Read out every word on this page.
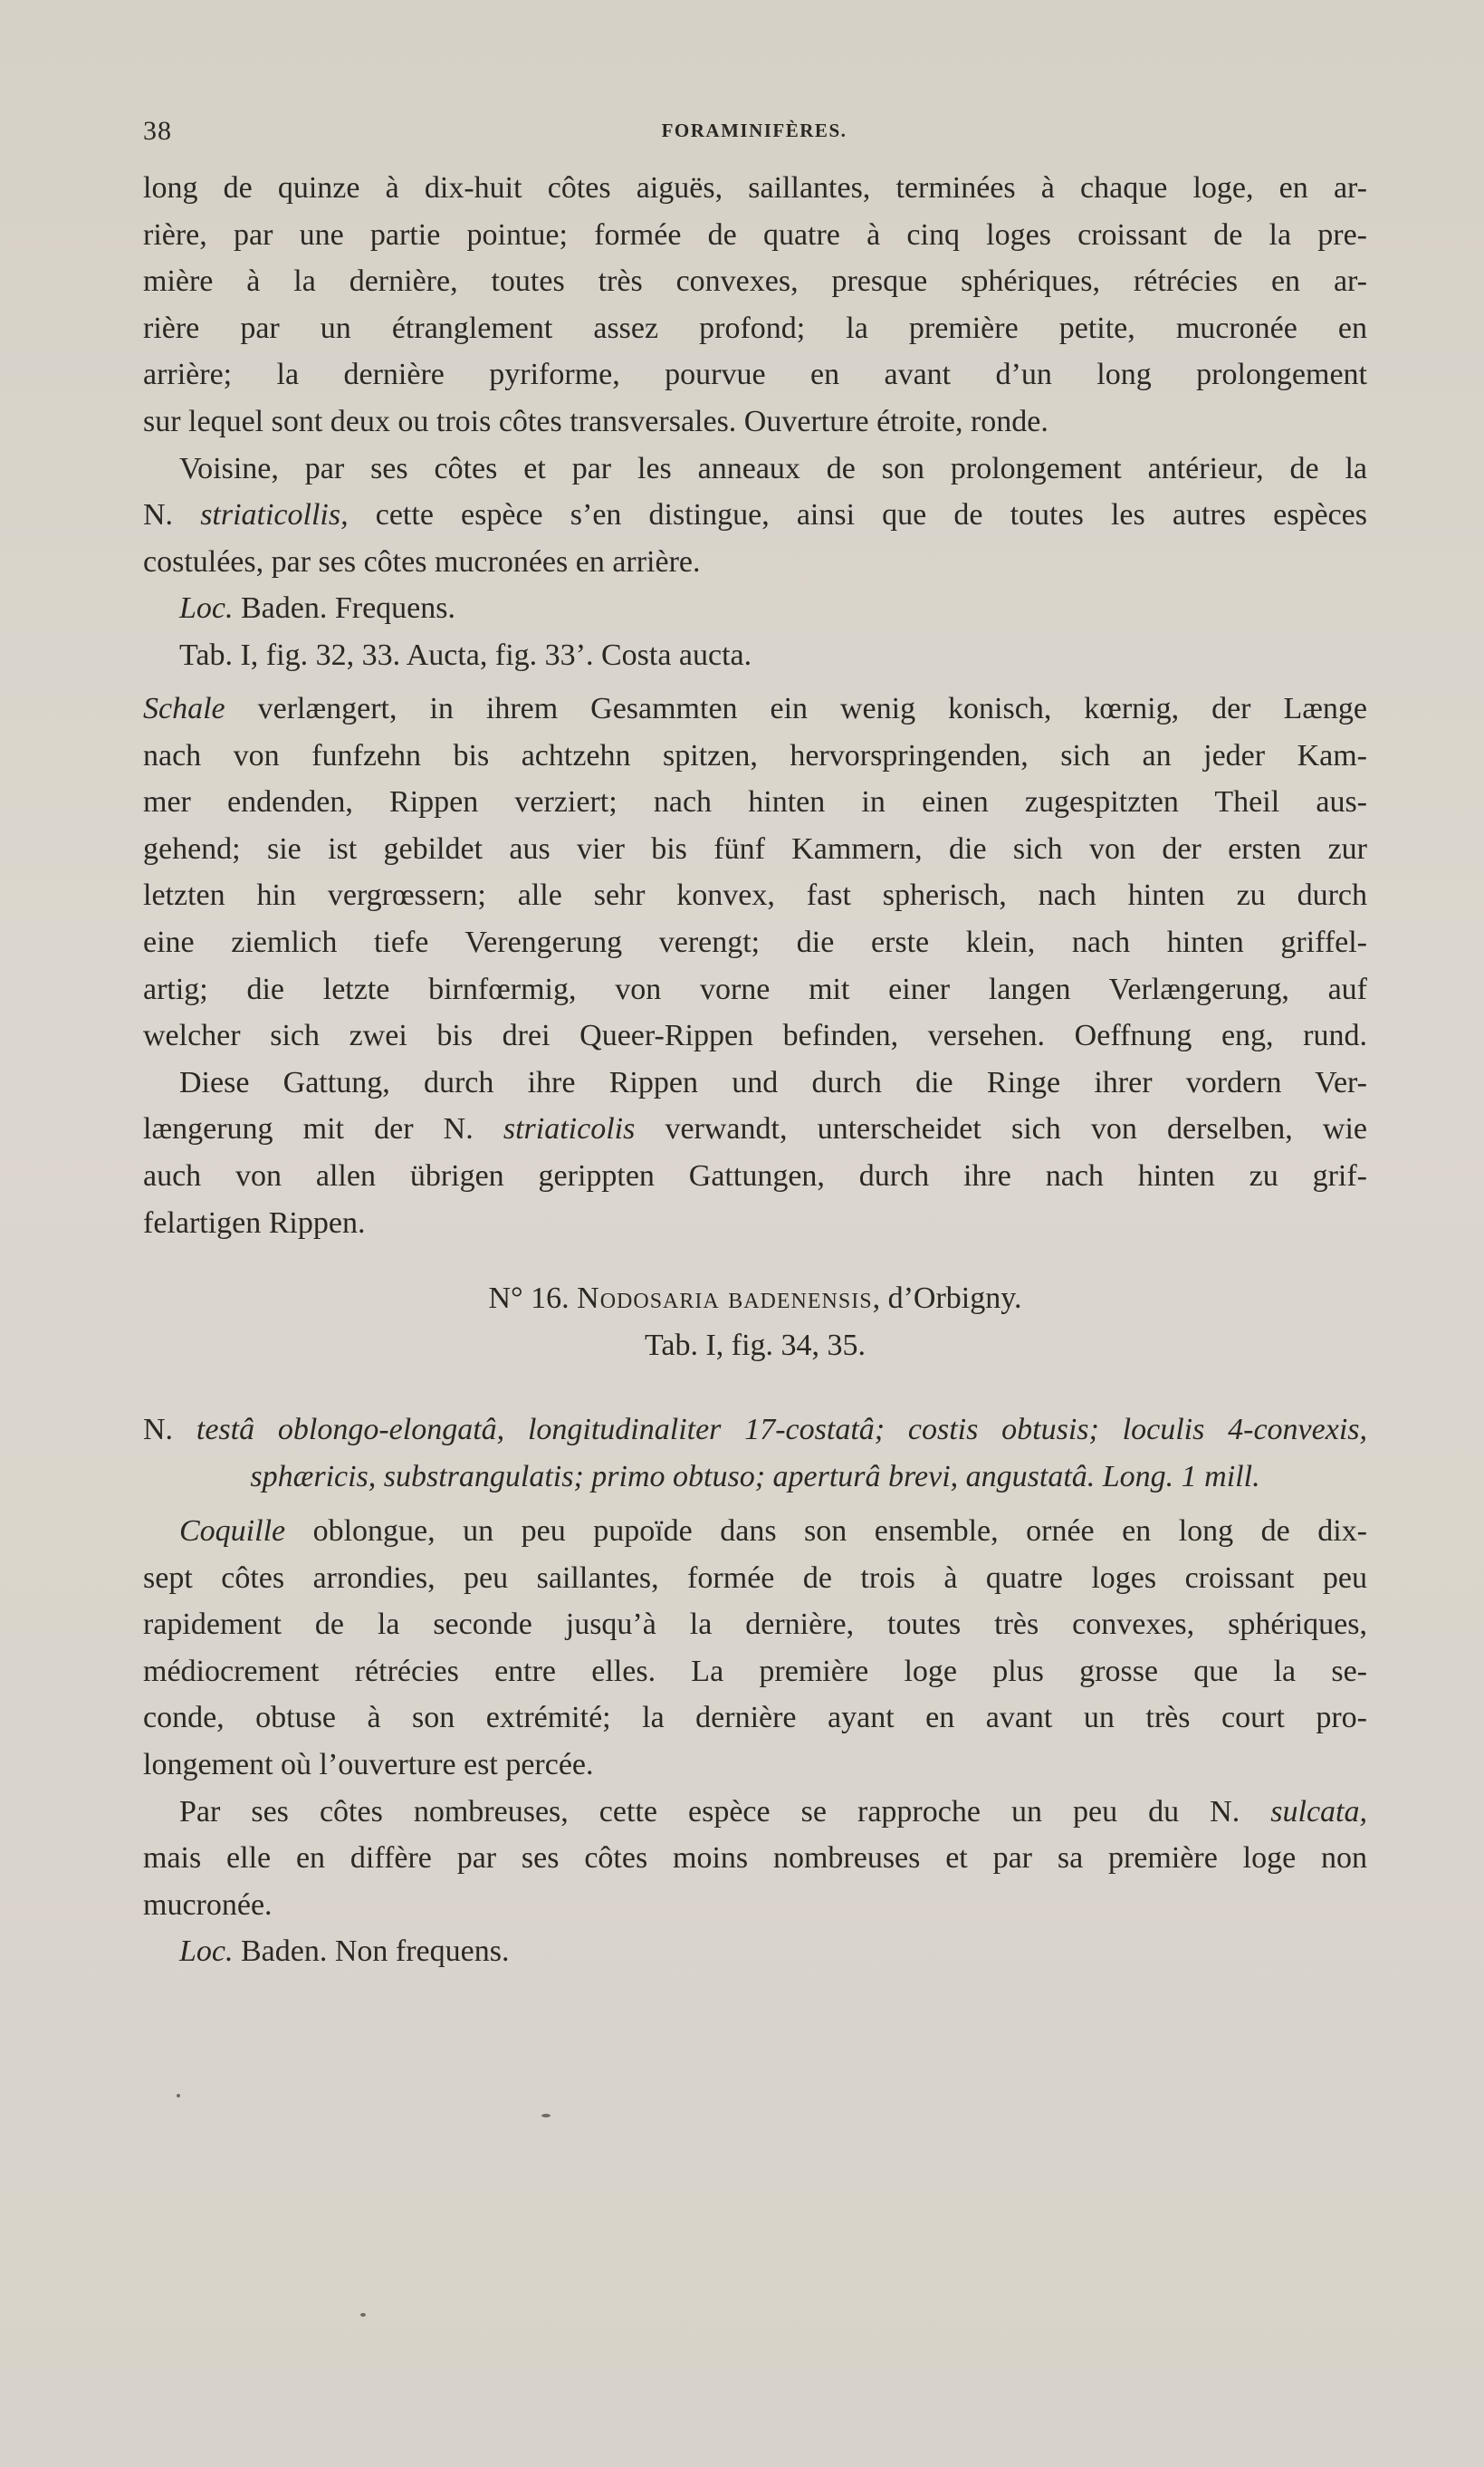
38	FORAMINIFÈRES.
long de quinze à dix-huit côtes aiguës, saillantes, terminées à chaque loge, en ar-
rière, par une partie pointue; formée de quatre à cinq loges croissant de la pre-
mière à la dernière, toutes très convexes, presque sphériques, rétrécies en ar-
rière par un étranglement assez profond; la première petite, mucronée en
arrière; la dernière pyriforme, pourvue en avant d’un long prolongement
sur lequel sont deux ou trois côtes transversales. Ouverture étroite, ronde.
Voisine, par ses côtes et par les anneaux de son prolongement antérieur, de la
N. striaticollis, cette espèce s’en distingue, ainsi que de toutes les autres espèces
costulées, par ses côtes mucronées en arrière.
Loc. Baden. Frequens.
Tab. I, fig. 32, 33. Aucta, fig. 33’. Costa aucta.
Schale verlængert, in ihrem Gesammten ein wenig konisch, kœrnig, der Længe
nach von funfzehn bis achtzehn spitzen, hervorspringenden, sich an jeder Kam-
mer endenden, Rippen verziert; nach hinten in einen zugespitzten Theil aus-
gehend; sie ist gebildet aus vier bis fünf Kammern, die sich von der ersten zur
letzten hin vergrœssern; alle sehr konvex, fast spherisch, nach hinten zu durch
eine ziemlich tiefe Verengerung verengt; die erste klein, nach hinten griffel-
artig; die letzte birnfœrmig, von vorne mit einer langen Verlængerung, auf
welcher sich zwei bis drei Queer-Rippen befinden, versehen. Oeffnung eng, rund.
Diese Gattung, durch ihre Rippen und durch die Ringe ihrer vordern Ver-
længerung mit der N. striaticolis verwandt, unterscheidet sich von derselben, wie
auch von allen übrigen gerippten Gattungen, durch ihre nach hinten zu grif-
felartigen Rippen.
N° 16. Nodosaria badenensis, d’Orbigny.
Tab. I, fig. 34, 35.
N. testâ oblongo-elongatâ, longitudinaliter 17-costatâ; costis obtusis; loculis 4-convexis,
sphæricis, substrangulatis; primo obtuso; aperturâ brevi, angustatâ. Long. 1 mill.
Coquille oblongue, un peu pupoïde dans son ensemble, ornée en long de dix-
sept côtes arrondies, peu saillantes, formée de trois à quatre loges croissant peu
rapidement de la seconde jusqu’à la dernière, toutes très convexes, sphériques,
médiocrement rétrécies entre elles. La première loge plus grosse que la se-
conde, obtuse à son extrémité; la dernière ayant en avant un très court pro-
longement où l’ouverture est percée.
Par ses côtes nombreuses, cette espèce se rapproche un peu du N. sulcata,
mais elle en diffère par ses côtes moins nombreuses et par sa première loge non
mucronée.
Loc. Baden. Non frequens.
